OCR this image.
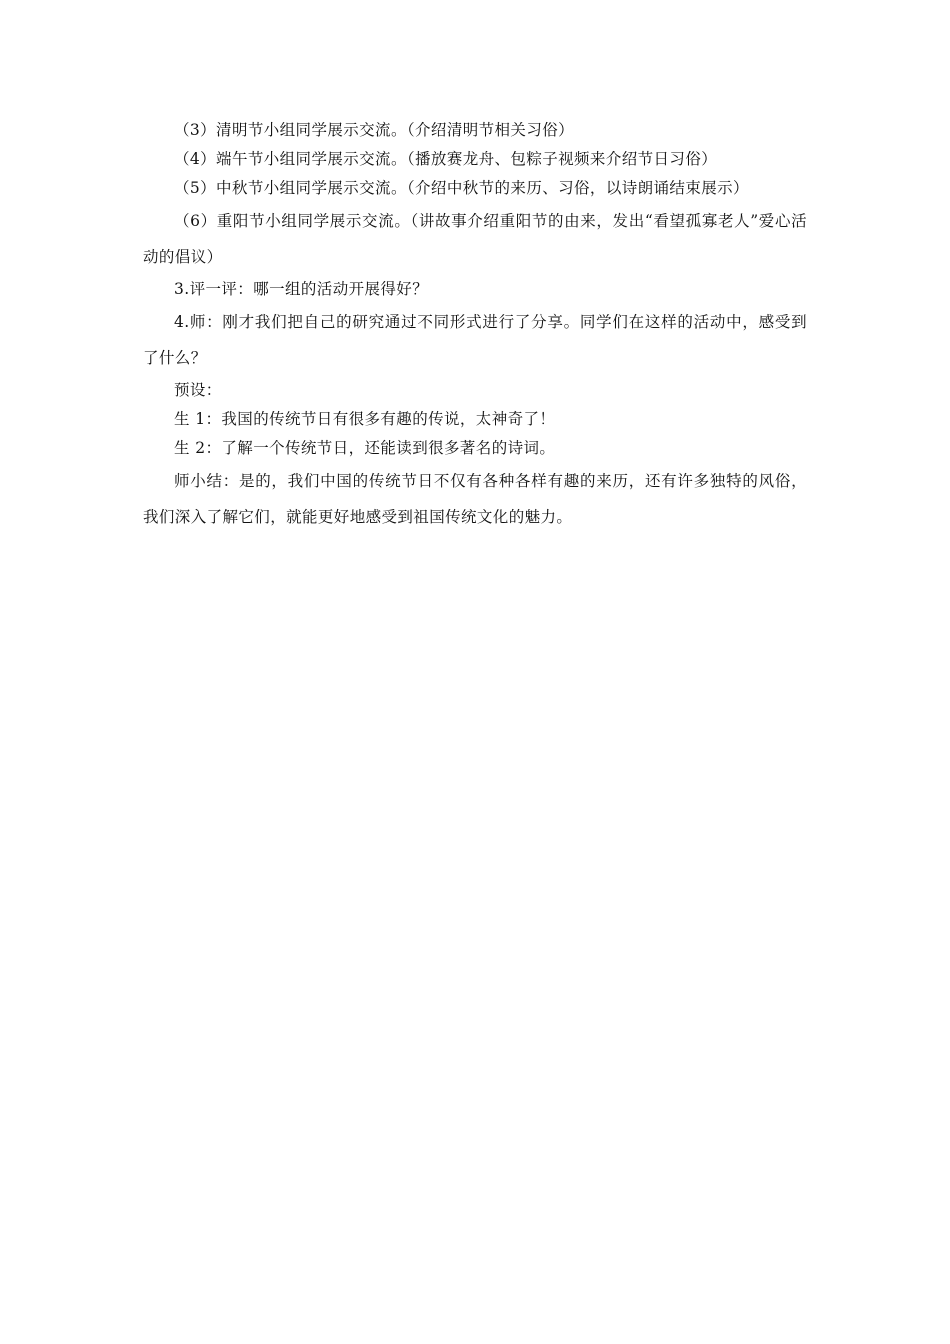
（3）清明节小组同学展示交流。（介绍清明节相关习俗）

（4）端午节小组同学展示交流。（播放赛龙舟、包粽子视频来介绍节日习俗）

（5）中秋节小组同学展示交流。（介绍中秋节的来历、习俗，以诗朗诵结束展示）

（6）重阳节小组同学展示交流。（讲故事介绍重阳节的由来，发出“看望孤寡老人”爱心活动的倡议）

3.评一评：哪一组的活动开展得好？

4.师：刚才我们把自己的研究通过不同形式进行了分享。同学们在这样的活动中，感受到了什么？

预设：

生 1：我国的传统节日有很多有趣的传说，太神奇了！

生 2：了解一个传统节日，还能读到很多著名的诗词。

师小结：是的，我们中国的传统节日不仅有各种各样有趣的来历，还有许多独特的风俗，我们深入了解它们，就能更好地感受到祖国传统文化的魅力。
